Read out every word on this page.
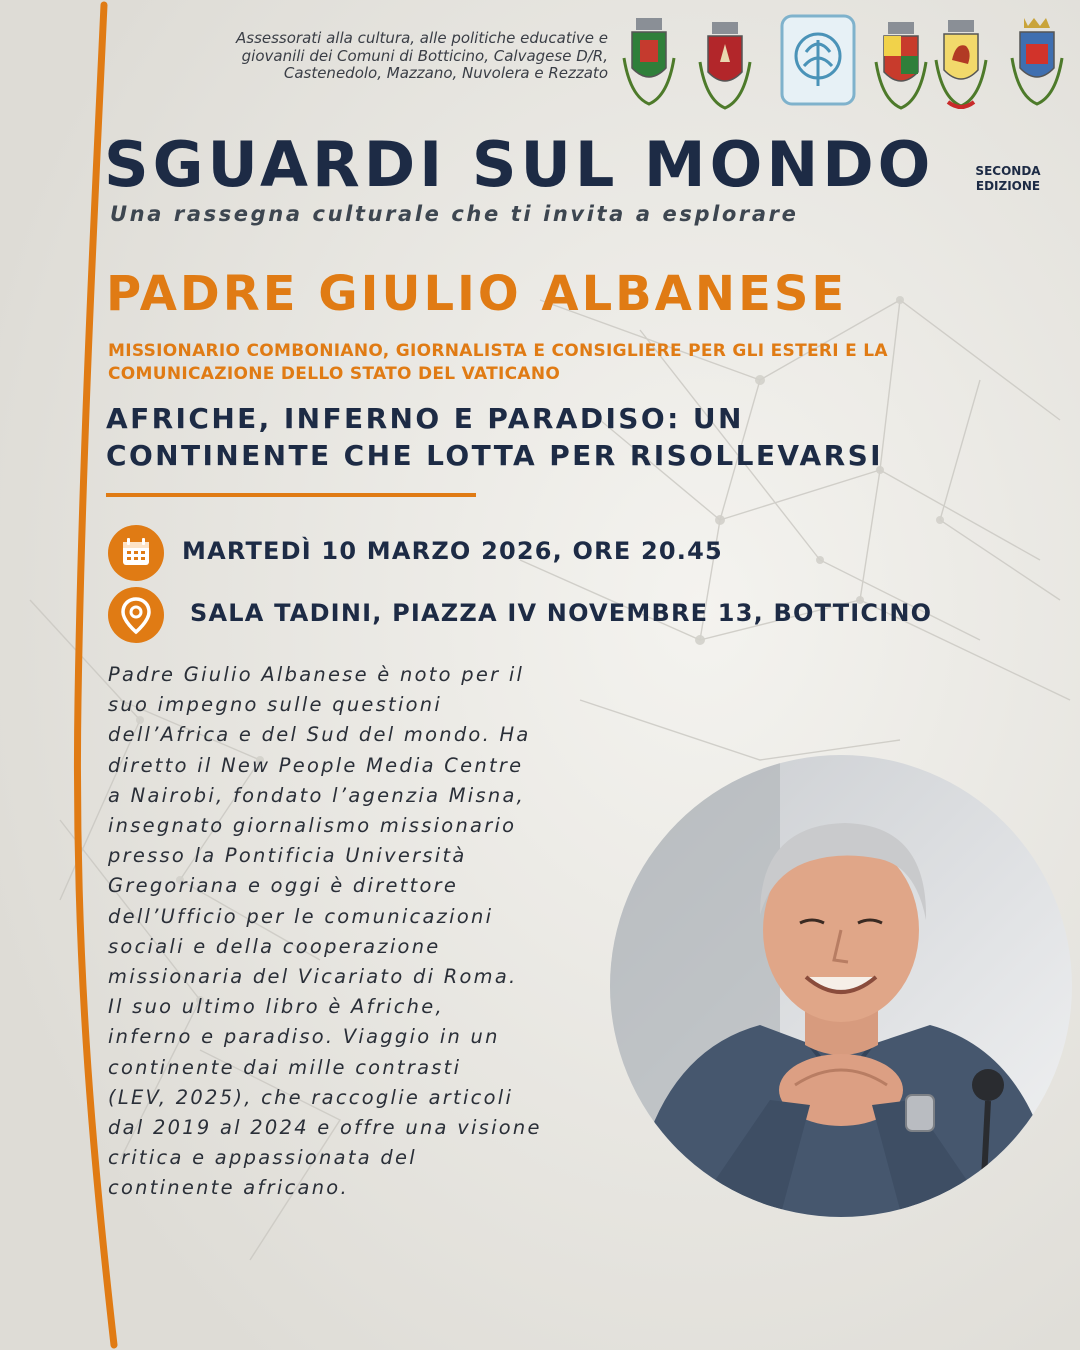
Assessorati alla cultura, alle politiche educative e
giovanili dei Comuni di Botticino, Calvagese D/R,
Castenedolo, Mazzano, Nuvolera e Rezzato
SGUARDI SUL MONDO	SECONDA
EDIZIONE
Una rassegna culturale che ti invita a esplorare
PADRE GIULIO ALBANESE
MISSIONARIO COMBONIANO, GIORNALISTA E CONSIGLIERE PER GLI ESTERI E LA
COMUNICAZIONE DELLO STATO DEL VATICANO
AFRICHE, INFERNO E PARADISO: UN
CONTINENTE CHE LOTTA PER RISOLLEVARSI
MARTEDÌ 10 MARZO 2026, ORE 20.45
SALA TADINI, PIAZZA IV NOVEMBRE 13, BOTTICINO
Padre Giulio Albanese è noto per il
suo impegno sulle questioni
dell’Africa e del Sud del mondo. Ha
diretto il New People Media Centre
a Nairobi, fondato l’agenzia Misna,
insegnato giornalismo missionario
presso la Pontificia Università
Gregoriana e oggi è direttore
dell’Ufficio per le comunicazioni
sociali e della cooperazione
missionaria del Vicariato di Roma.
Il suo ultimo libro è Afriche,
inferno e paradiso. Viaggio in un
continente dai mille contrasti
(LEV, 2025), che raccoglie articoli
dal 2019 al 2024 e offre una visione
critica e appassionata del
continente africano.
